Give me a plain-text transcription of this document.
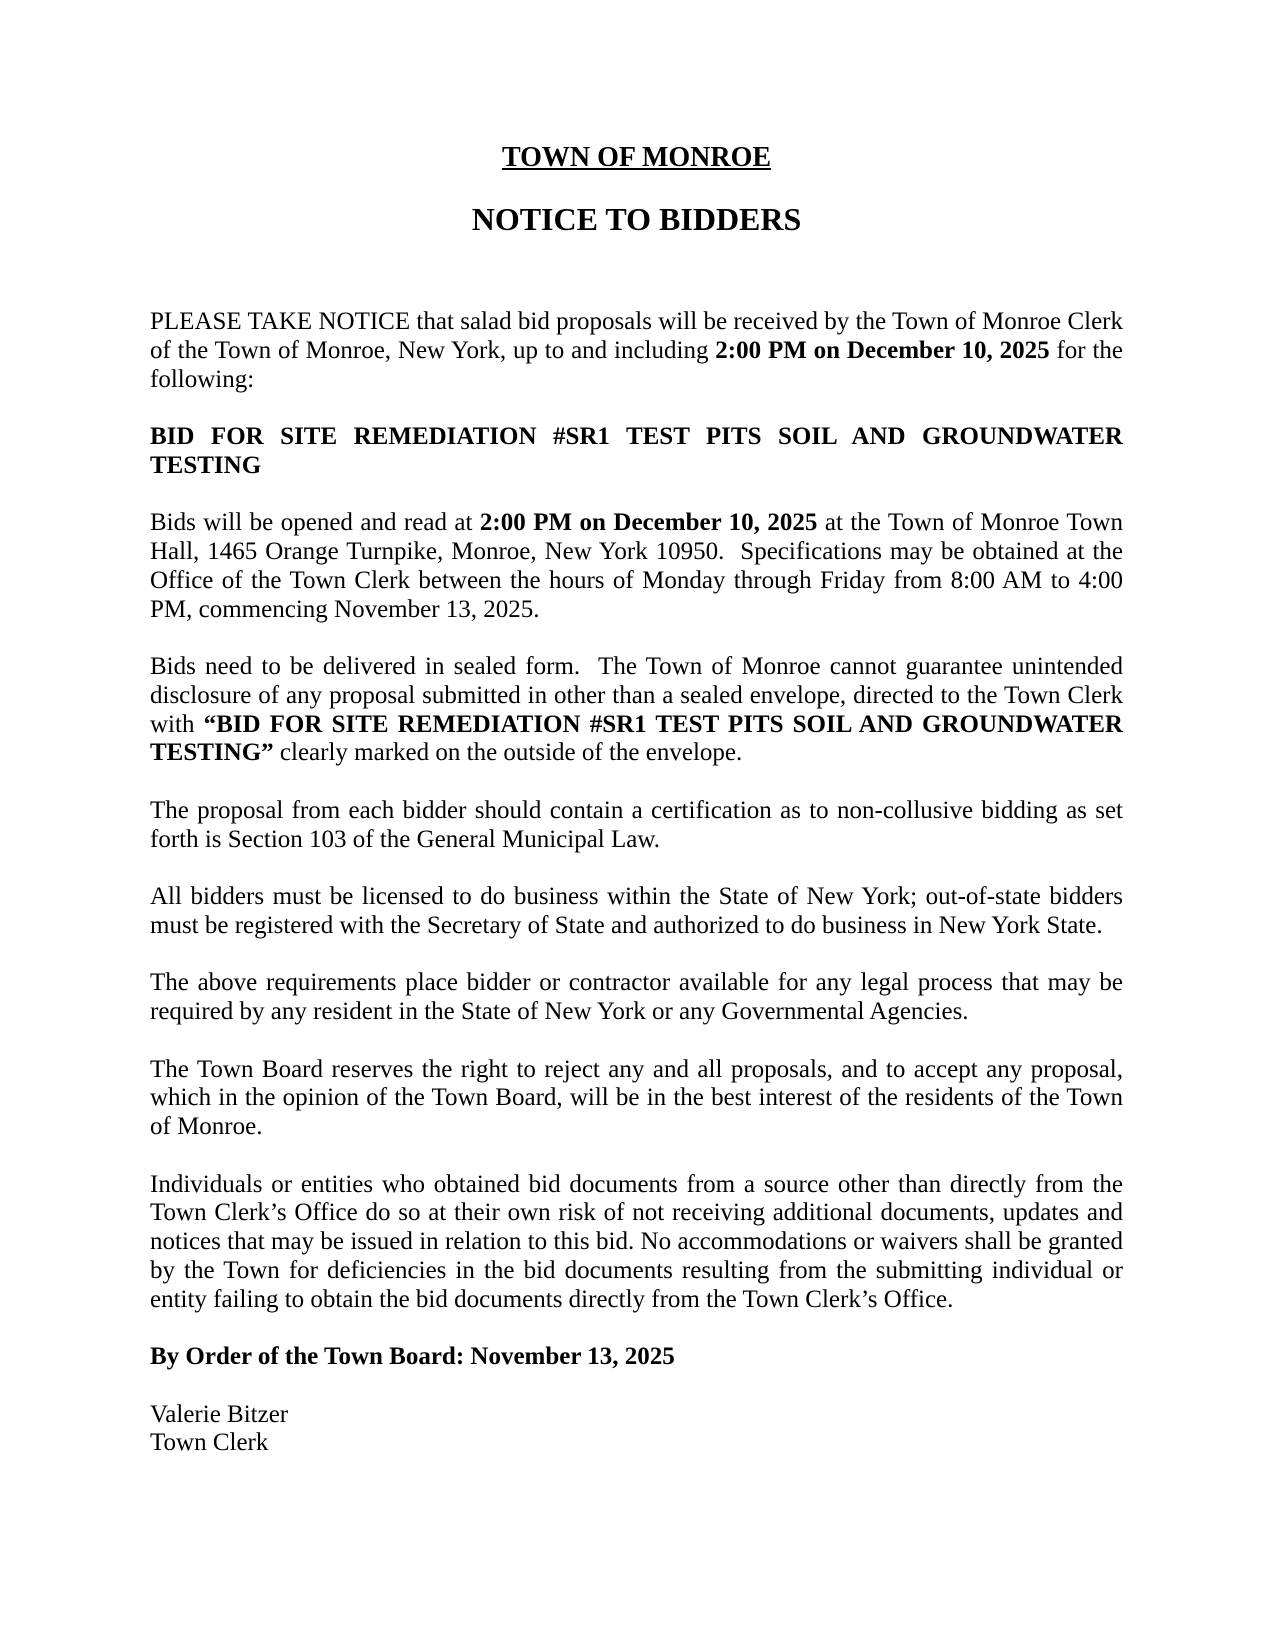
TOWN OF MONROE
NOTICE TO BIDDERS

PLEASE TAKE NOTICE that salad bid proposals will be received by the Town of Monroe Clerk of the Town of Monroe, New York, up to and including 2:00 PM on December 10, 2025 for the following:

BID FOR SITE REMEDIATION #SR1 TEST PITS SOIL AND GROUNDWATER TESTING

Bids will be opened and read at 2:00 PM on December 10, 2025 at the Town of Monroe Town Hall, 1465 Orange Turnpike, Monroe, New York 10950.  Specifications may be obtained at the Office of the Town Clerk between the hours of Monday through Friday from 8:00 AM to 4:00 PM, commencing November 13, 2025.

Bids need to be delivered in sealed form.  The Town of Monroe cannot guarantee unintended disclosure of any proposal submitted in other than a sealed envelope, directed to the Town Clerk with “BID FOR SITE REMEDIATION #SR1 TEST PITS SOIL AND GROUNDWATER TESTING” clearly marked on the outside of the envelope.

The proposal from each bidder should contain a certification as to non-collusive bidding as set forth is Section 103 of the General Municipal Law.

All bidders must be licensed to do business within the State of New York; out-of-state bidders must be registered with the Secretary of State and authorized to do business in New York State.

The above requirements place bidder or contractor available for any legal process that may be required by any resident in the State of New York or any Governmental Agencies.

The Town Board reserves the right to reject any and all proposals, and to accept any proposal, which in the opinion of the Town Board, will be in the best interest of the residents of the Town of Monroe.

Individuals or entities who obtained bid documents from a source other than directly from the Town Clerk’s Office do so at their own risk of not receiving additional documents, updates and notices that may be issued in relation to this bid. No accommodations or waivers shall be granted by the Town for deficiencies in the bid documents resulting from the submitting individual or entity failing to obtain the bid documents directly from the Town Clerk’s Office.

By Order of the Town Board: November 13, 2025

Valerie Bitzer

Town Clerk
